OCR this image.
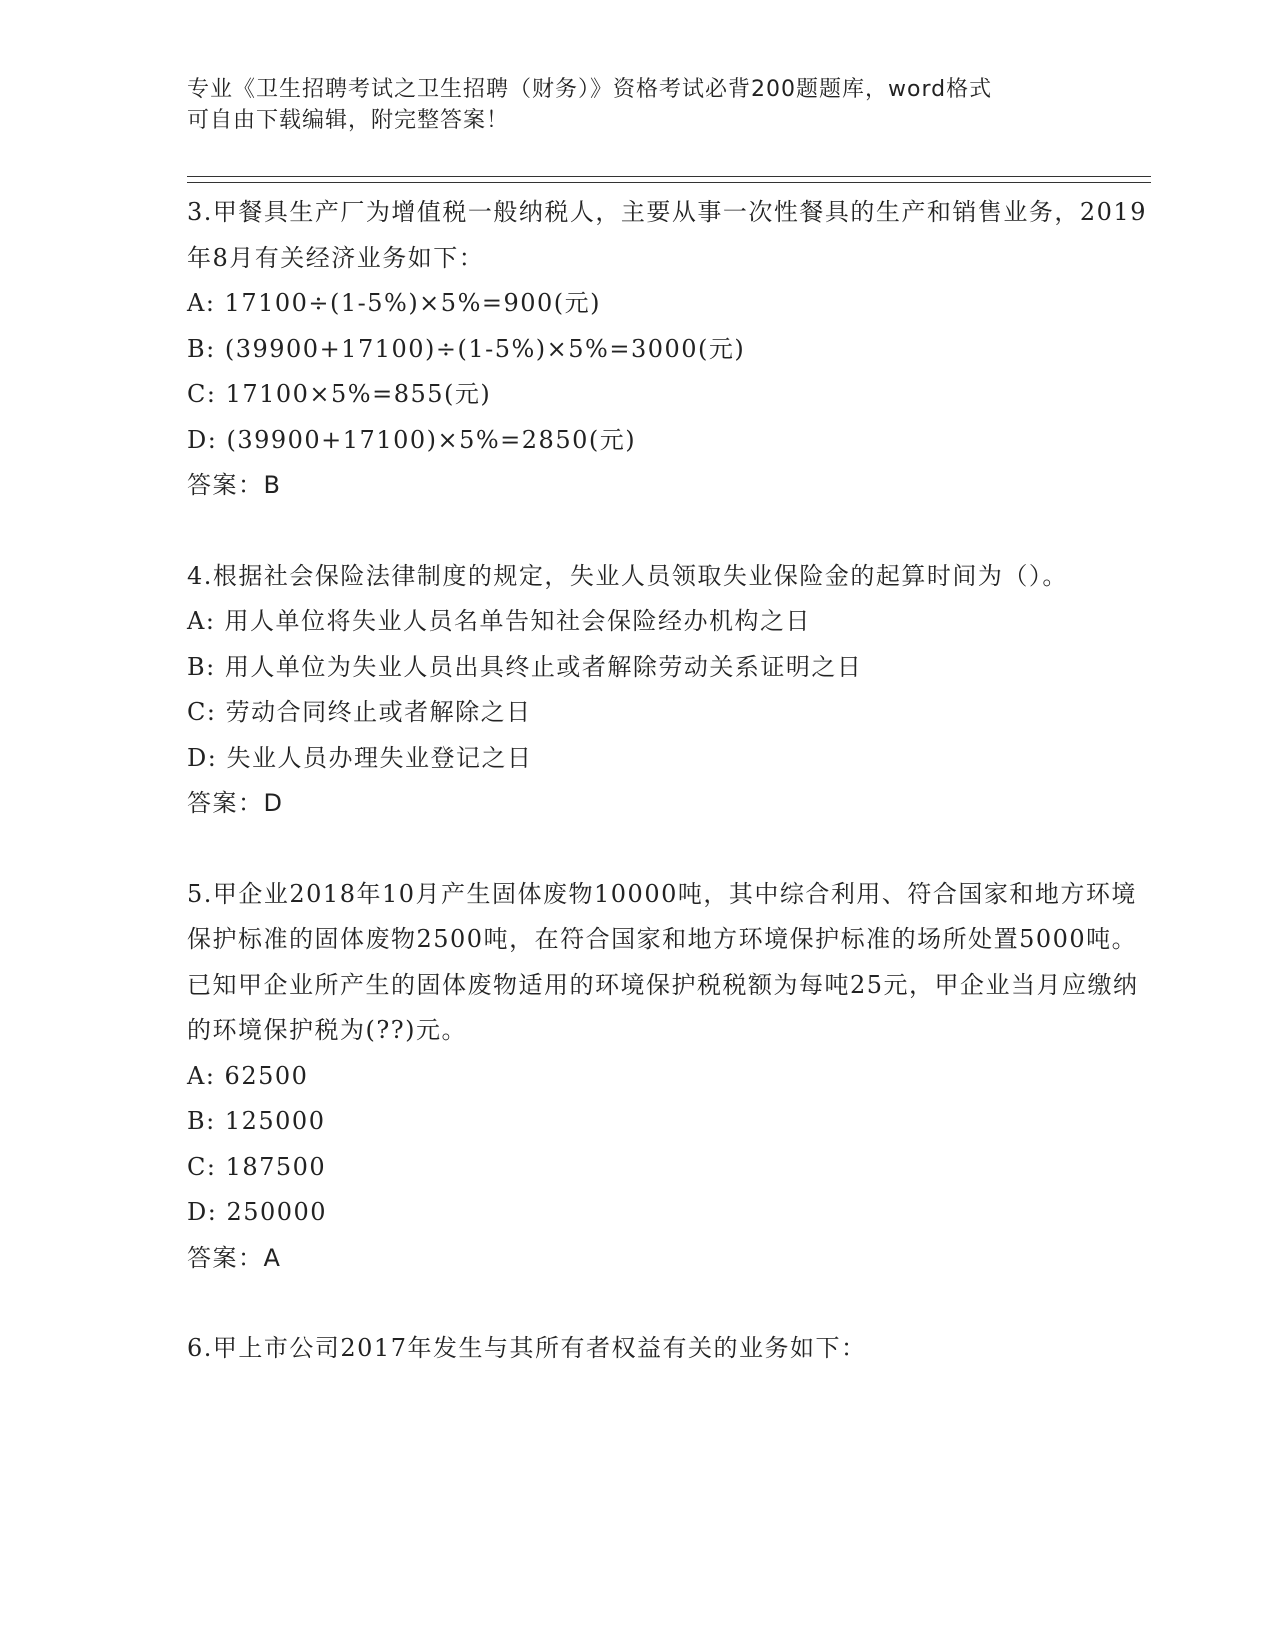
专业《卫生招聘考试之卫生招聘（财务）》资格考试必背200题题库，word格式
可自由下载编辑，附完整答案！

3.甲餐具生产厂为增值税一般纳税人，主要从事一次性餐具的生产和销售业务，2019年8月有关经济业务如下：

A: 17100÷(1-5%)×5%=900(元)

B: (39900+17100)÷(1-5%)×5%=3000(元)

C: 17100×5%=855(元)

D: (39900+17100)×5%=2850(元)

答案：B

4.根据社会保险法律制度的规定，失业人员领取失业保险金的起算时间为（）。

A: 用人单位将失业人员名单告知社会保险经办机构之日

B: 用人单位为失业人员出具终止或者解除劳动关系证明之日

C: 劳动合同终止或者解除之日

D: 失业人员办理失业登记之日

答案：D

5.甲企业2018年10月产生固体废物10000吨，其中综合利用、符合国家和地方环境保护标准的固体废物2500吨，在符合国家和地方环境保护标准的场所处置5000吨。已知甲企业所产生的固体废物适用的环境保护税税额为每吨25元，甲企业当月应缴纳的环境保护税为(??)元。

A: 62500

B: 125000

C: 187500

D: 250000

答案：A

6.甲上市公司2017年发生与其所有者权益有关的业务如下：
